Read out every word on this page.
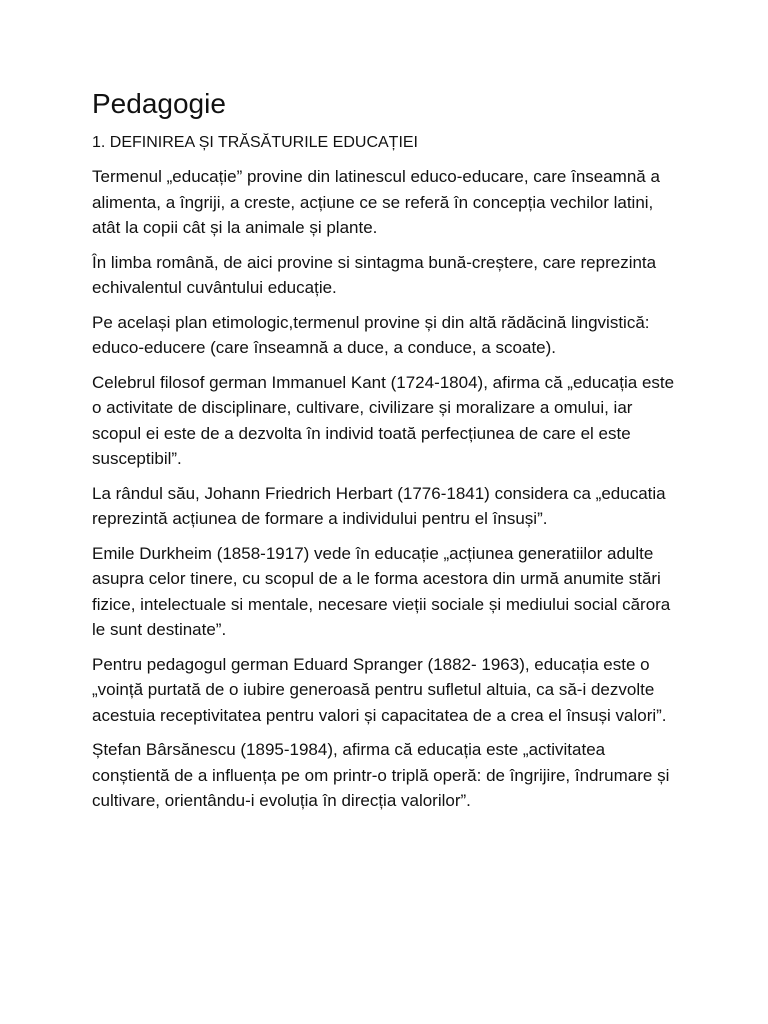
Pedagogie

1. DEFINIREA ȘI TRĂSĂTURILE EDUCAȚIEI

Termenul „educație” provine din latinescul educo-educare, care înseamnă a alimenta, a îngriji, a creste, acțiune ce se referă în concepția vechilor latini, atât la copii cât și la animale și plante.

În limba română, de aici provine si sintagma bună-creștere, care reprezinta echivalentul cuvântului educație.

Pe același plan etimologic,termenul provine și din altă rădăcină lingvistică: educo-educere (care înseamnă a duce, a conduce, a scoate).

Celebrul filosof german Immanuel Kant (1724-1804), afirma că „educația este o activitate de disciplinare, cultivare, civilizare și moralizare a omului, iar scopul ei este de a dezvolta în individ toată perfecțiunea de care el este susceptibil”.

La rândul său, Johann Friedrich Herbart (1776-1841) considera ca „educatia reprezintă acțiunea de formare a individului pentru el însuși”.

Emile Durkheim (1858-1917) vede în educație „acțiunea generatiilor adulte asupra celor tinere, cu scopul de a le forma acestora din urmă anumite stări fizice, intelectuale si mentale, necesare vieții sociale și mediului social cărora le sunt destinate”.

Pentru pedagogul german Eduard Spranger (1882- 1963), educația este o „voință purtată de o iubire generoasă pentru sufletul altuia, ca să-i dezvolte acestuia receptivitatea pentru valori și capacitatea de a crea el însuși valori”.

Ștefan Bârsănescu (1895-1984), afirma că educația este „activitatea conștientă de a influența pe om printr-o triplă operă: de îngrijire, îndrumare și cultivare, orientându-i evoluția în direcția valorilor”.
